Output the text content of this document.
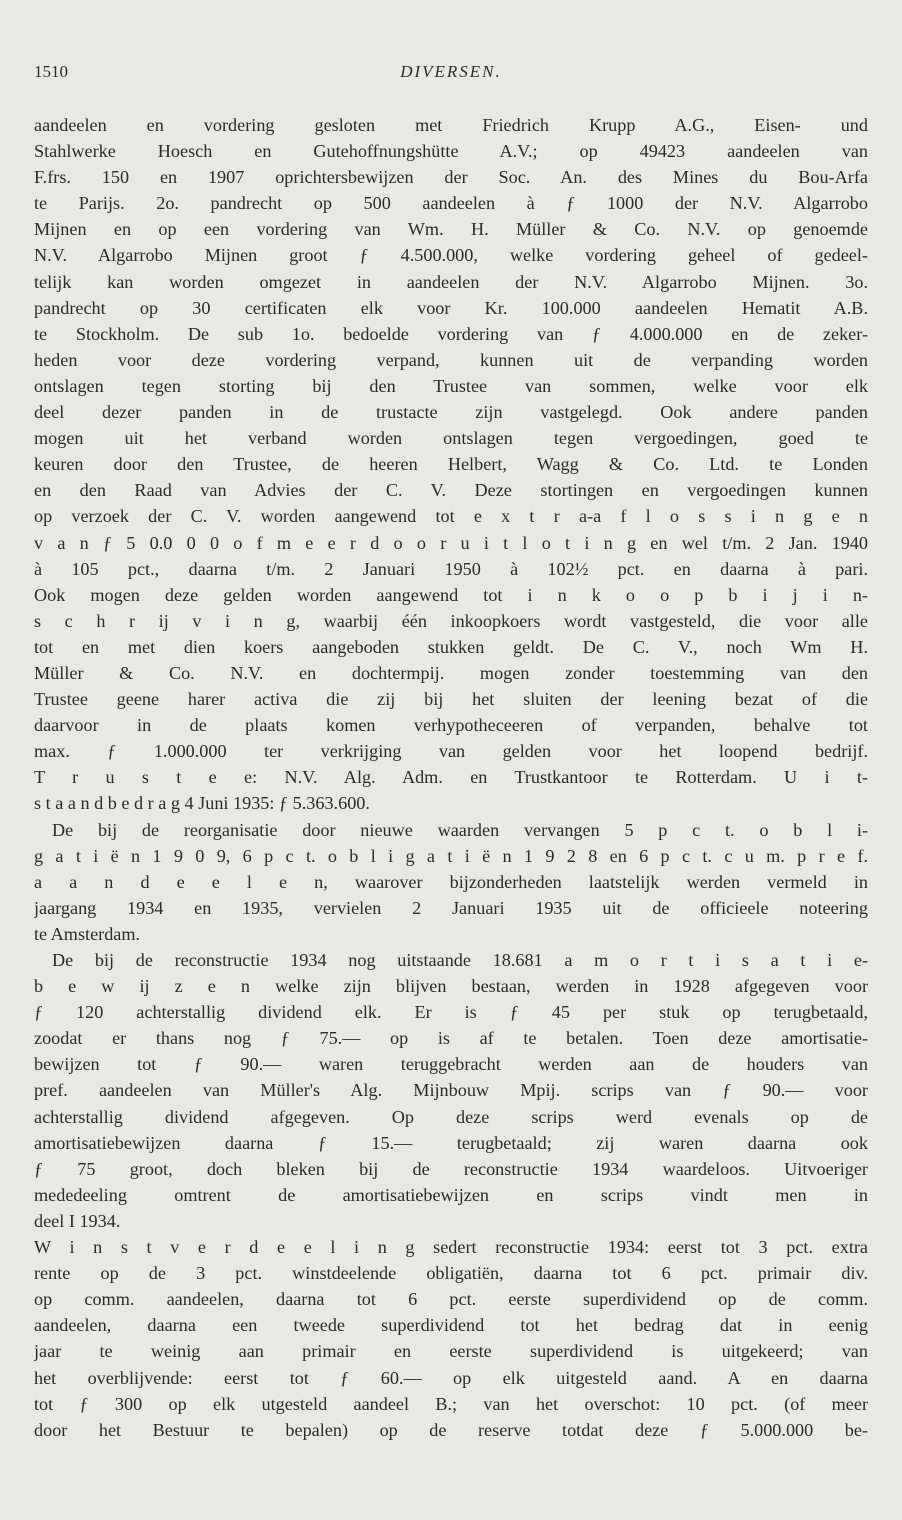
1510	DIVERSEN.
aandeelen en vordering gesloten met Friedrich Krupp A.G., Eisen- und
Stahlwerke Hoesch en Gutehoffnungshütte A.V.; op 49423 aandeelen van
F.frs. 150 en 1907 oprichtersbewijzen der Soc. An. des Mines du Bou-Arfa
te Parijs. 2o. pandrecht op 500 aandeelen à ƒ 1000 der N.V. Algarrobo
Mijnen en op een vordering van Wm. H. Müller & Co. N.V. op genoemde
N.V. Algarrobo Mijnen groot ƒ 4.500.000, welke vordering geheel of gedeel-
telijk kan worden omgezet in aandeelen der N.V. Algarrobo Mijnen. 3o.
pandrecht op 30 certificaten elk voor Kr. 100.000 aandeelen Hematit A.B.
te Stockholm. De sub 1o. bedoelde vordering van ƒ 4.000.000 en de zeker-
heden voor deze vordering verpand, kunnen uit de verpanding worden
ontslagen tegen storting bij den Trustee van sommen, welke voor elk
deel dezer panden in de trustacte zijn vastgelegd. Ook andere panden
mogen uit het verband worden ontslagen tegen vergoedingen, goed te
keuren door den Trustee, de heeren Helbert, Wagg & Co. Ltd. te Londen
en den Raad van Advies der C. V. Deze stortingen en vergoedingen kunnen
op verzoek der C. V. worden aangewend tot e x t r a-a f l o s s i n g e n
v a n ƒ 5 0.0 0 0 o f m e e r d o o r u i t l o t i n g en wel t/m. 2 Jan. 1940
à 105 pct., daarna t/m. 2 Januari 1950 à 102½ pct. en daarna à pari.
Ook mogen deze gelden worden aangewend tot i n k o o p b i j i n-
s c h r ij v i n g, waarbij één inkoopkoers wordt vastgesteld, die voor alle
tot en met dien koers aangeboden stukken geldt. De C. V., noch Wm H.
Müller & Co. N.V. en dochtermpij. mogen zonder toestemming van den
Trustee geene harer activa die zij bij het sluiten der leening bezat of die
daarvoor in de plaats komen verhypotheceeren of verpanden, behalve tot
max. ƒ 1.000.000 ter verkrijging van gelden voor het loopend bedrijf.
T r u s t e e: N.V. Alg. Adm. en Trustkantoor te Rotterdam. U i t-
s t a a n d b e d r a g 4 Juni 1935: ƒ 5.363.600.
De bij de reorganisatie door nieuwe waarden vervangen 5 p c t. o b l i-
g a t i ë n 1 9 0 9, 6 p c t. o b l i g a t i ë n 1 9 2 8 en 6 p c t. c u m. p r e f.
a a n d e e l e n, waarover bijzonderheden laatstelijk werden vermeld in
jaargang 1934 en 1935, vervielen 2 Januari 1935 uit de officieele noteering
te Amsterdam.
De bij de reconstructie 1934 nog uitstaande 18.681 a m o r t i s a t i e-
b e w ij z e n welke zijn blijven bestaan, werden in 1928 afgegeven voor
ƒ 120 achterstallig dividend elk. Er is ƒ 45 per stuk op terugbetaald,
zoodat er thans nog ƒ 75.— op is af te betalen. Toen deze amortisatie-
bewijzen tot ƒ 90.— waren teruggebracht werden aan de houders van
pref. aandeelen van Müller's Alg. Mijnbouw Mpij. scrips van ƒ 90.— voor
achterstallig dividend afgegeven. Op deze scrips werd evenals op de
amortisatiebewijzen daarna ƒ 15.— terugbetaald; zij waren daarna ook
ƒ 75 groot, doch bleken bij de reconstructie 1934 waardeloos. Uitvoeriger
mededeeling omtrent de amortisatiebewijzen en scrips vindt men in
deel I 1934.
W i n s t v e r d e e l i n g sedert reconstructie 1934: eerst tot 3 pct. extra
rente op de 3 pct. winstdeelende obligatiën, daarna tot 6 pct. primair div.
op comm. aandeelen, daarna tot 6 pct. eerste superdividend op de comm.
aandeelen, daarna een tweede superdividend tot het bedrag dat in eenig
jaar te weinig aan primair en eerste superdividend is uitgekeerd; van
het overblijvende: eerst tot ƒ 60.— op elk uitgesteld aand. A en daarna
tot ƒ 300 op elk utgesteld aandeel B.; van het overschot: 10 pct. (of meer
door het Bestuur te bepalen) op de reserve totdat deze ƒ 5.000.000 be-
